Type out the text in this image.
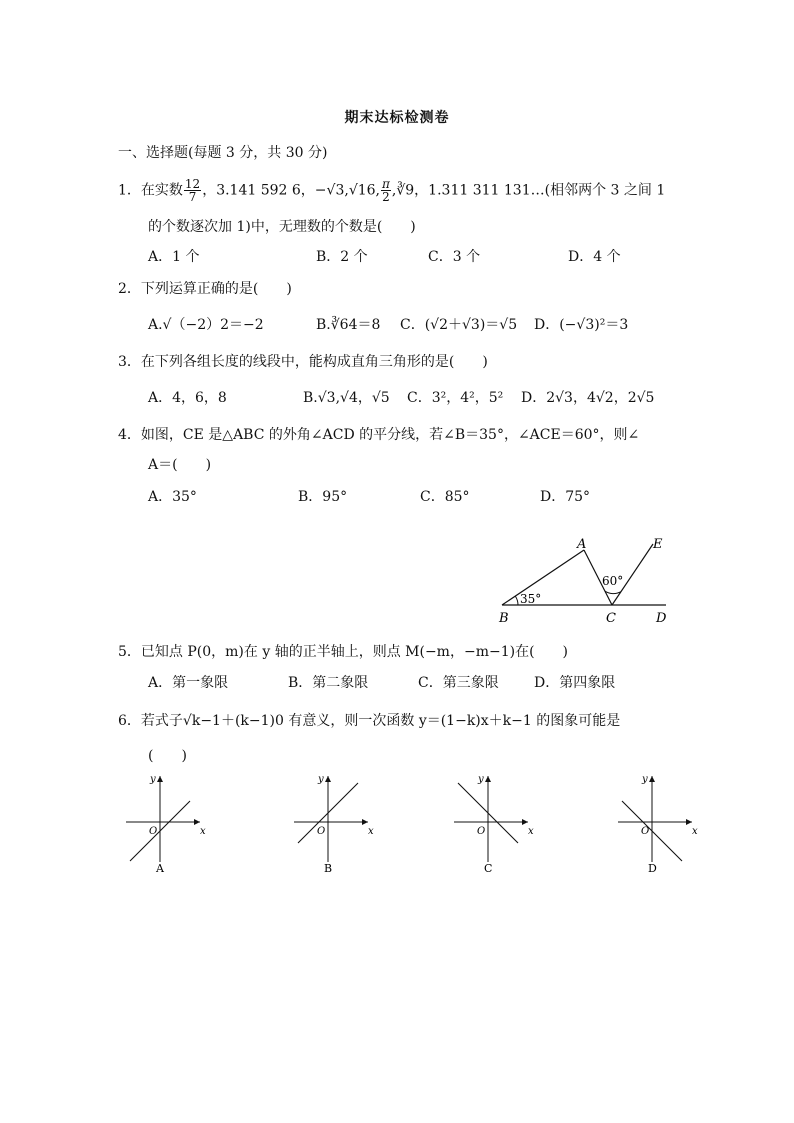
期末达标检测卷
一、选择题(每题 3 分，共 30 分)
1．在实数 $\frac{12}{7}$ ，3.141 592 6，−√3,√16, $\frac{\pi}{2}$ ,∛9，1.311 311 131…(相邻两个 3 之间 1
的个数逐次加 1)中，无理数的个数是(　　)
A．1 个	B．2 个	C．3 个	D．4 个
2．下列运算正确的是(　　)
A.√（−2）2＝−2	B.∛64＝8 C．(√2＋√3)＝√5 D．(−√3)²＝3
3．在下列各组长度的线段中，能构成直角三角形的是(　　)
A．4，6，8	B.√3,√4，√5 C．3²，4²，5² D．2√3，4√2，2√5
4．如图，CE 是△ABC 的外角∠ACD 的平分线，若∠B＝35°，∠ACE＝60°，则∠
A＝(　　)
A．35°	B．95°	C．85°	D．75°
A	E
B	C	D
35°
60°
5．已知点 P(0，m)在 y 轴的正半轴上，则点 M(−m，−m−1)在(　　)
A．第一象限	B．第二象限	C．第三象限	D．第四象限
6．若式子√k−1＋(k−1)0 有意义，则一次函数 y＝(1−k)x＋k−1 的图象可能是
(　　)
y
x
O
A
y
x
O
B
y
x
O
C
y
x
O
D
